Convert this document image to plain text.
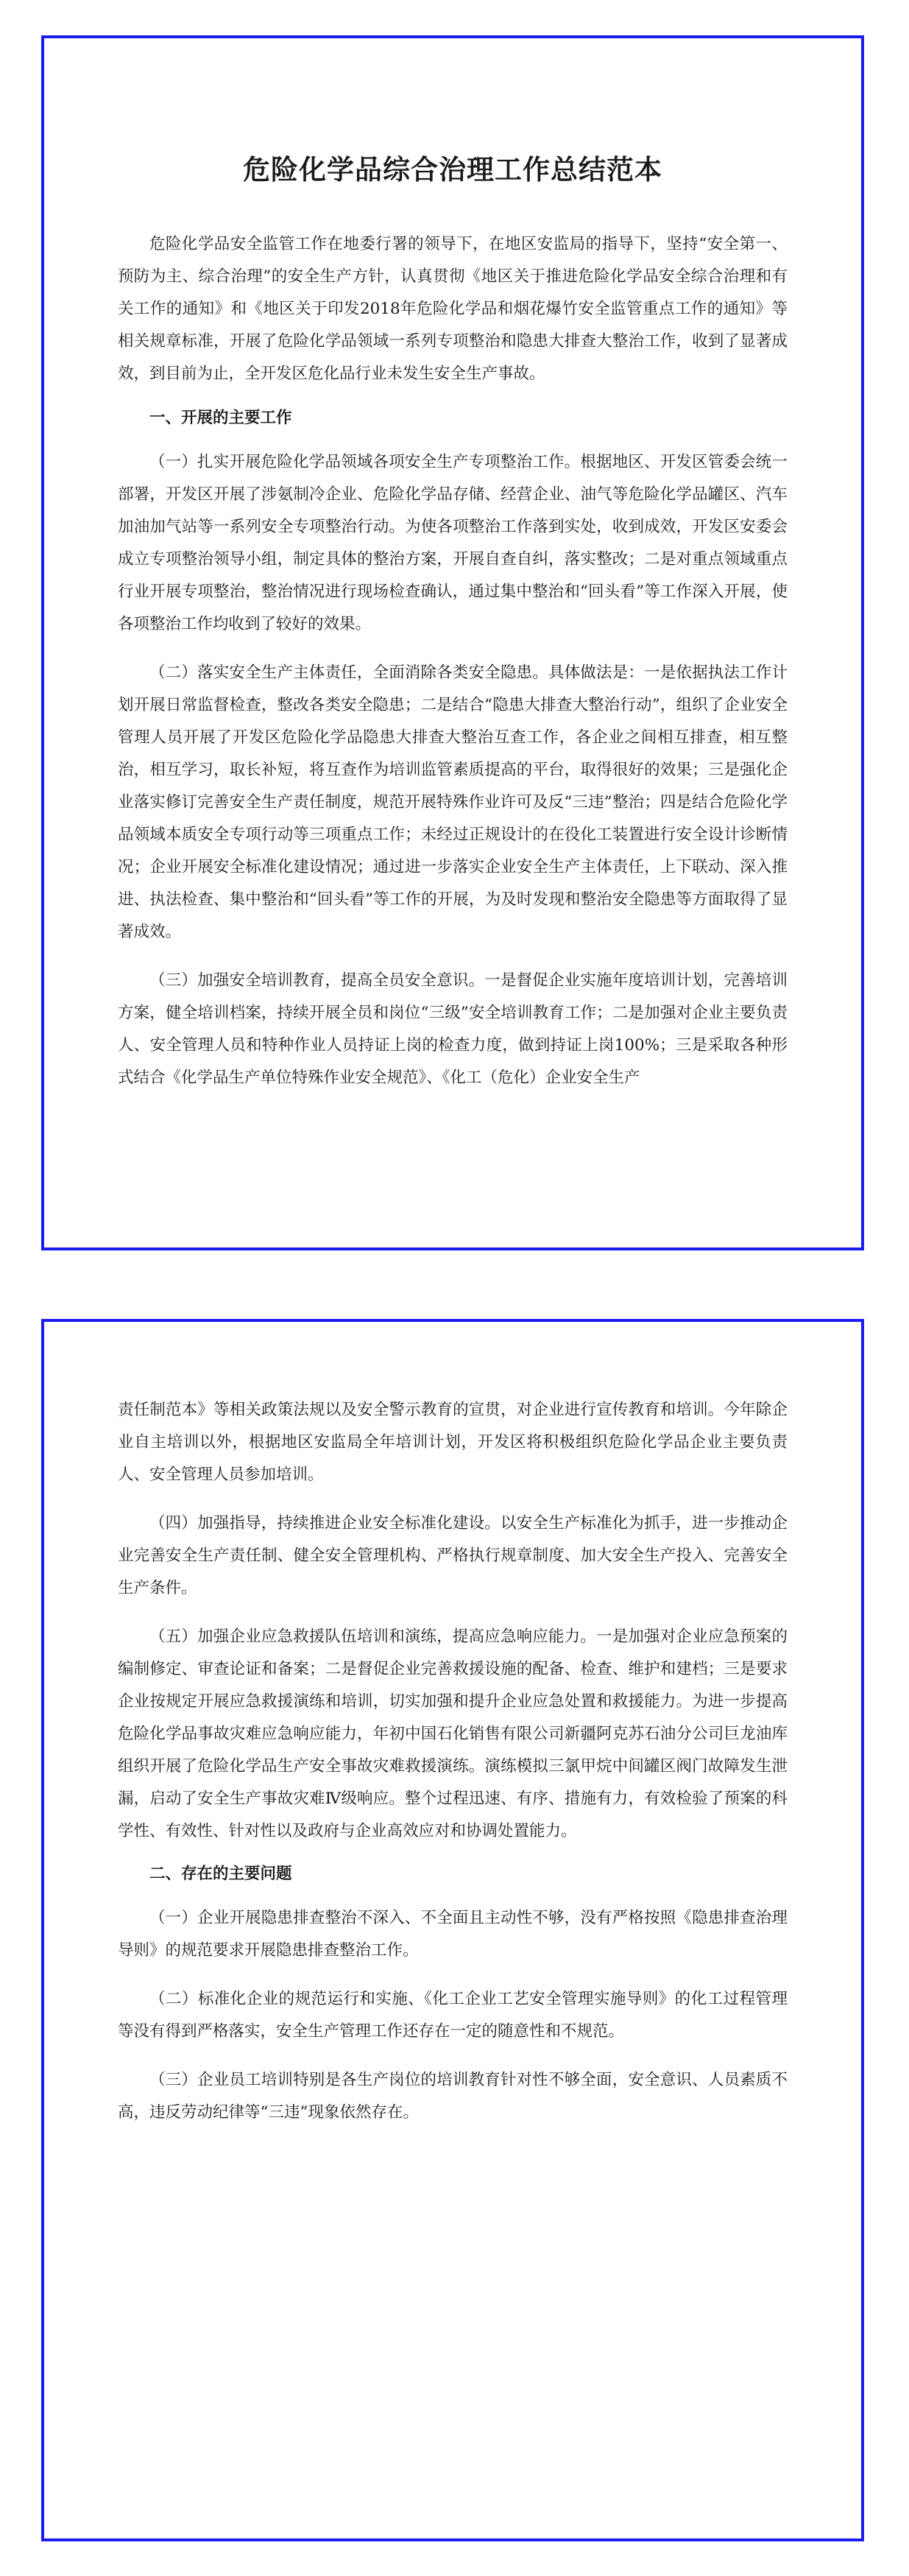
危险化学品综合治理工作总结范本

危险化学品安全监管工作在地委行署的领导下，在地区安监局的指导下，坚持“安全第一、预防为主、综合治理”的安全生产方针，认真贯彻《地区关于推进危险化学品安全综合治理和有关工作的通知》和《地区关于印发2018年危险化学品和烟花爆竹安全监管重点工作的通知》等相关规章标准，开展了危险化学品领域一系列专项整治和隐患大排查大整治工作，收到了显著成效，到目前为止，全开发区危化品行业未发生安全生产事故。

一、开展的主要工作

（一）扎实开展危险化学品领域各项安全生产专项整治工作。根据地区、开发区管委会统一部署，开发区开展了涉氨制冷企业、危险化学品存储、经营企业、油气等危险化学品罐区、汽车加油加气站等一系列安全专项整治行动。为使各项整治工作落到实处，收到成效，开发区安委会成立专项整治领导小组，制定具体的整治方案，开展自查自纠，落实整改；二是对重点领域重点行业开展专项整治，整治情况进行现场检查确认，通过集中整治和“回头看”等工作深入开展，使各项整治工作均收到了较好的效果。

（二）落实安全生产主体责任，全面消除各类安全隐患。具体做法是：一是依据执法工作计划开展日常监督检查，整改各类安全隐患；二是结合“隐患大排查大整治行动”，组织了企业安全管理人员开展了开发区危险化学品隐患大排查大整治互查工作，各企业之间相互排查，相互整治，相互学习，取长补短，将互查作为培训监管素质提高的平台，取得很好的效果；三是强化企业落实修订完善安全生产责任制度，规范开展特殊作业许可及反“三违”整治；四是结合危险化学品领域本质安全专项行动等三项重点工作；未经过正规设计的在役化工装置进行安全设计诊断情况；企业开展安全标准化建设情况；通过进一步落实企业安全生产主体责任，上下联动、深入推进、执法检查、集中整治和“回头看”等工作的开展，为及时发现和整治安全隐患等方面取得了显著成效。

（三）加强安全培训教育，提高全员安全意识。一是督促企业实施年度培训计划，完善培训方案，健全培训档案，持续开展全员和岗位“三级”安全培训教育工作；二是加强对企业主要负责人、安全管理人员和特种作业人员持证上岗的检查力度，做到持证上岗100%；三是采取各种形式结合《化学品生产单位特殊作业安全规范》、《化工（危化）企业安全生产

责任制范本》等相关政策法规以及安全警示教育的宣贯，对企业进行宣传教育和培训。今年除企业自主培训以外，根据地区安监局全年培训计划，开发区将积极组织危险化学品企业主要负责人、安全管理人员参加培训。

（四）加强指导，持续推进企业安全标准化建设。以安全生产标准化为抓手，进一步推动企业完善安全生产责任制、健全安全管理机构、严格执行规章制度、加大安全生产投入、完善安全生产条件。

（五）加强企业应急救援队伍培训和演练，提高应急响应能力。一是加强对企业应急预案的编制修定、审查论证和备案；二是督促企业完善救援设施的配备、检查、维护和建档；三是要求企业按规定开展应急救援演练和培训，切实加强和提升企业应急处置和救援能力。为进一步提高危险化学品事故灾难应急响应能力，年初中国石化销售有限公司新疆阿克苏石油分公司巨龙油库组织开展了危险化学品生产安全事故灾难救援演练。演练模拟三氯甲烷中间罐区阀门故障发生泄漏，启动了安全生产事故灾难Ⅳ级响应。整个过程迅速、有序、措施有力，有效检验了预案的科学性、有效性、针对性以及政府与企业高效应对和协调处置能力。

二、存在的主要问题

（一）企业开展隐患排查整治不深入、不全面且主动性不够，没有严格按照《隐患排查治理导则》的规范要求开展隐患排查整治工作。

（二）标准化企业的规范运行和实施、《化工企业工艺安全管理实施导则》的化工过程管理等没有得到严格落实，安全生产管理工作还存在一定的随意性和不规范。

（三）企业员工培训特别是各生产岗位的培训教育针对性不够全面，安全意识、人员素质不高，违反劳动纪律等“三违”现象依然存在。
